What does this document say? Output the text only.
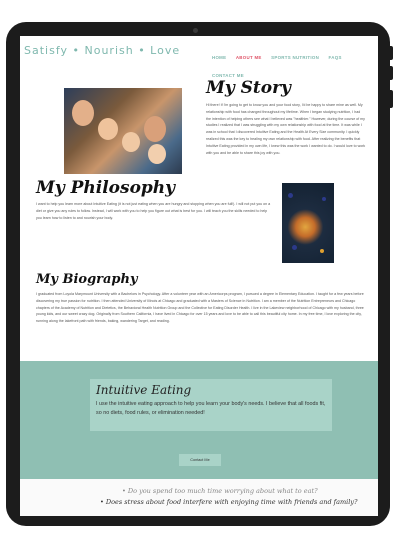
Satisfy • Nourish • Love
HOME ABOUT ME SPORTS NUTRITION FAQS CONTACT ME
My Story

Hi there! If I'm going to get to know you and your food story, I'd be happy to share mine as well. My relationship with food has changed throughout my lifetime. When I began studying nutrition, I had the intention of helping others see what I believed was "healthier." However, during the course of my studies I realized that I was struggling with my own relationship with food at the time. It was while I was in school that I discovered Intuitive Eating and the Health At Every Size community. I quickly realized this was the key to healing my own relationship with food. After realizing the benefits that Intuitive Eating provided in my own life, I knew this was the work I wanted to do. I would love to work with you and be able to share this joy with you.

My Philosophy

I want to help you learn more about Intuitive Eating (it is not just eating when you are hungry and stopping when you are full!). I will not put you on a diet or give you any rules to follow. Instead, I will work with you to help you figure out what is best for you. I will teach you the skills needed to help you learn how to listen to and nourish your body.

My Biography

I graduated from Loyola Marymount University with a Bachelors in Psychology. After a volunteer year with an Americorps program, I pursued a degree in Elementary Education. I taught for a few years before discovering my true passion for nutrition. I then attended University of Illinois at Chicago and graduated with a Masters of Science in Nutrition. I am a member of the Nutrition Entrepreneurs and Chicago chapters of the Academy of Nutrition and Dietetics, the Behavioral Health Nutrition Group and the Collective for Eating Disorder Health. I live in the Lakeview neighborhood of Chicago with my husband, three young kids, and our sweet crazy dog. Originally from Southern California, I have lived in Chicago for over 15 years and love to be able to call this beautiful city home. In my free time, I love exploring the city, running along the lakefront path with friends, baking, wandering Target, and reading.

Intuitive Eating

I use the intuitive eating approach to help you learn your body's needs. I believe that all foods fit, so no diets, food rules, or elimination needed!

Contact Me
• Do you spend too much time worrying about what to eat?
• Does stress about food interfere with enjoying time with friends and family?
